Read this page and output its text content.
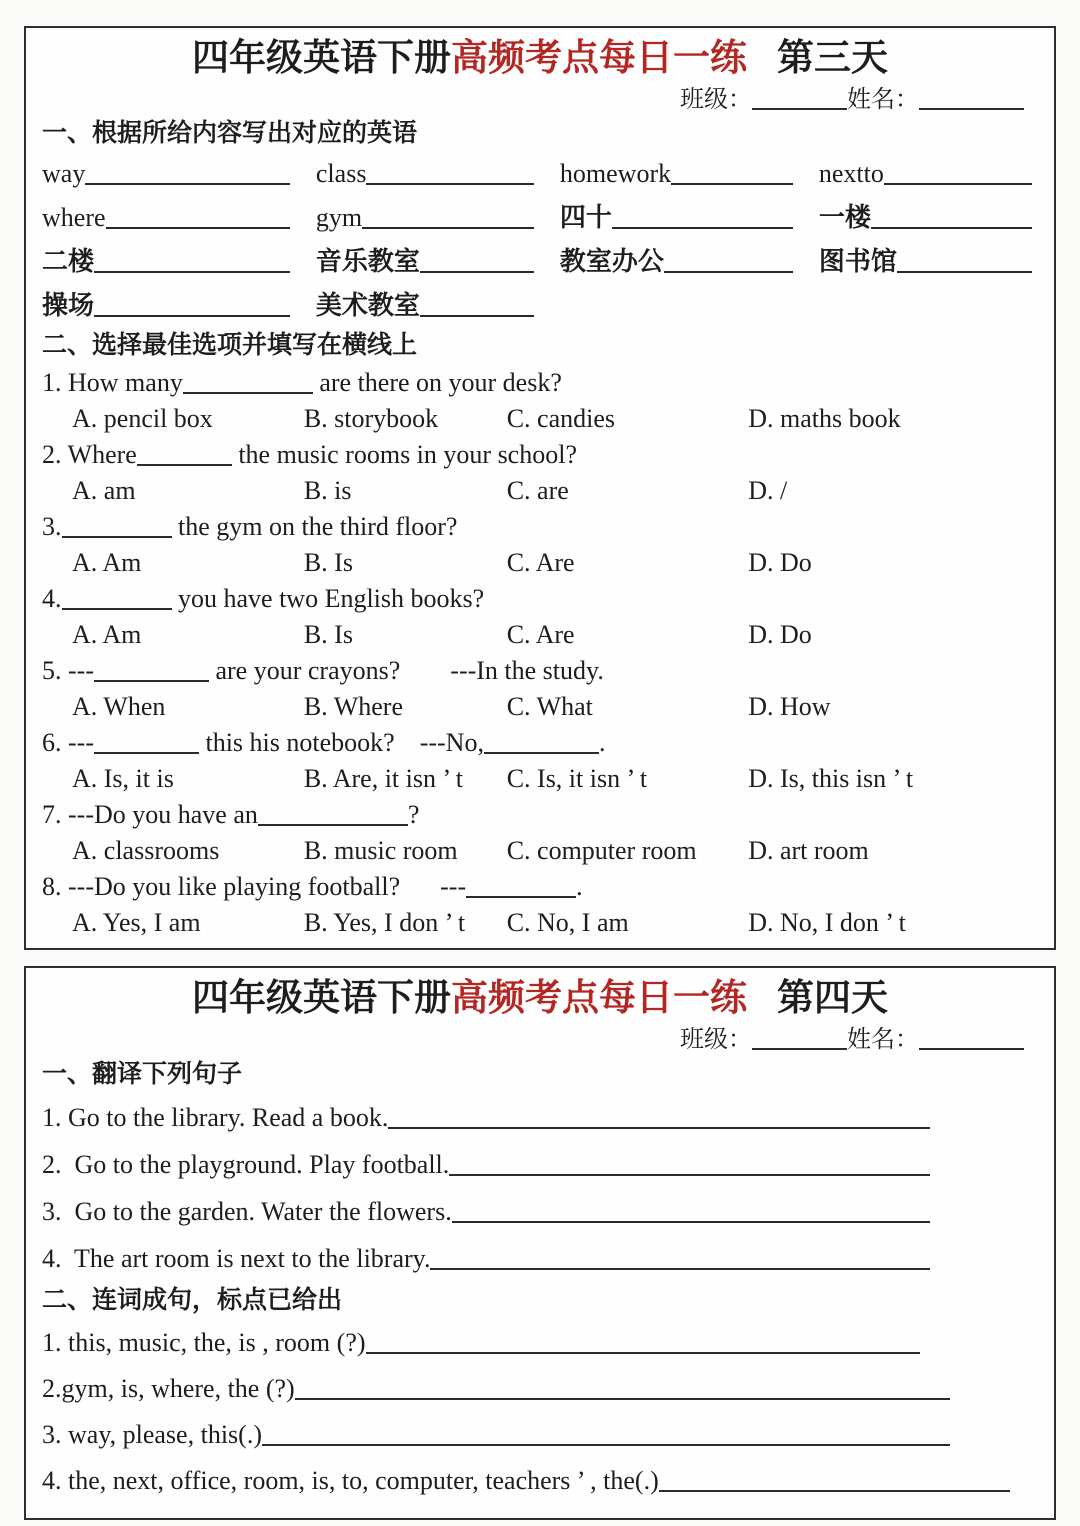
四年级英语下册高频考点每日一练 第三天
班级：	姓名：
一、根据所给内容写出对应的英语
way	class	homework	nextto
where	gym	四十	一楼
二楼	音乐教室	教室办公	图书馆
操场	美术教室
二、选择最佳选项并填写在横线上
1. How many	are there on your desk?
A. pencil box	B. storybook	C. candies	D. maths book
2. Where	the music rooms in your school?
A. am	B. is	C. are	D. /
3.	the gym on the third floor?
A. Am	B. Is	C. Are	D. Do
4.	you have two English books?
A. Am	B. Is	C. Are	D. Do
5. ---	are your crayons? ---In the study.
A. When	B. Where	C. What	D. How
6. ---	this his notebook? ---No,	.
A. Is, it is	B. Are, it isn ’ t	C. Is, it isn ’ t	D. Is, this isn ’ t
7. ---Do you have an	?
A. classrooms	B. music room	C. computer room	D. art room
8. ---Do you like playing football? ---	.
A. Yes, I am	B. Yes, I don ’ t	C. No, I am	D. No, I don ’ t
四年级英语下册高频考点每日一练 第四天
班级：	姓名：
一、翻译下列句子
1. Go to the library. Read a book.
2.  Go to the playground. Play football.
3.  Go to the garden. Water the flowers.
4.  The art room is next to the library.
二、连词成句，标点已给出
1. this, music, the, is , room (?)
2.gym, is, where, the (?)
3. way, please, this(.)
4. the, next, office, room, is, to, computer, teachers ’ , the(.)
